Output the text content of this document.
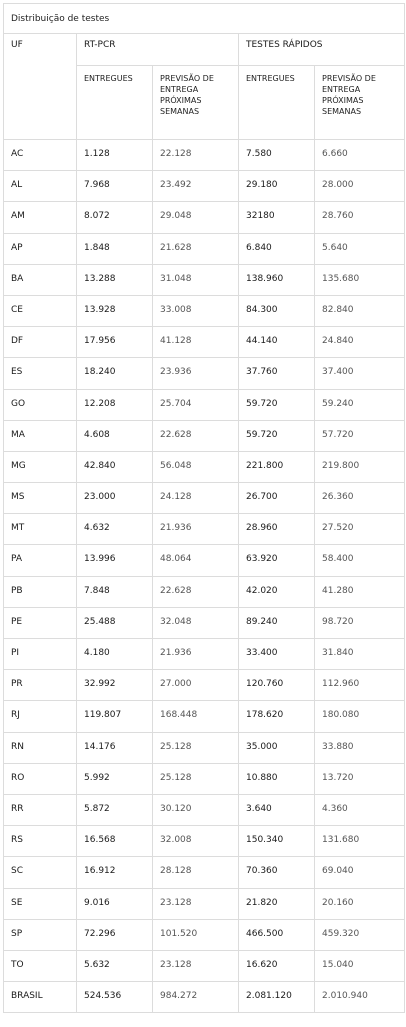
Distribuição de testes				
UF	RT-PCR		TESTES RÁPIDOS	
	ENTREGUES	PREVISÃO DE ENTREGA PRÓXIMAS SEMANAS	ENTREGUES	PREVISÃO DE ENTREGA PRÓXIMAS SEMANAS
AC	1.128	22.128	7.580	6.660
AL	7.968	23.492	29.180	28.000
AM	8.072	29.048	32180	28.760
AP	1.848	21.628	6.840	5.640
BA	13.288	31.048	138.960	135.680
CE	13.928	33.008	84.300	82.840
DF	17.956	41.128	44.140	24.840
ES	18.240	23.936	37.760	37.400
GO	12.208	25.704	59.720	59.240
MA	4.608	22.628	59.720	57.720
MG	42.840	56.048	221.800	219.800
MS	23.000	24.128	26.700	26.360
MT	4.632	21.936	28.960	27.520
PA	13.996	48.064	63.920	58.400
PB	7.848	22.628	42.020	41.280
PE	25.488	32.048	89.240	98.720
PI	4.180	21.936	33.400	31.840
PR	32.992	27.000	120.760	112.960
RJ	119.807	168.448	178.620	180.080
RN	14.176	25.128	35.000	33.880
RO	5.992	25.128	10.880	13.720
RR	5.872	30.120	3.640	4.360
RS	16.568	32.008	150.340	131.680
SC	16.912	28.128	70.360	69.040
SE	9.016	23.128	21.820	20.160
SP	72.296	101.520	466.500	459.320
TO	5.632	23.128	16.620	15.040
BRASIL	524.536	984.272	2.081.120	2.010.940
